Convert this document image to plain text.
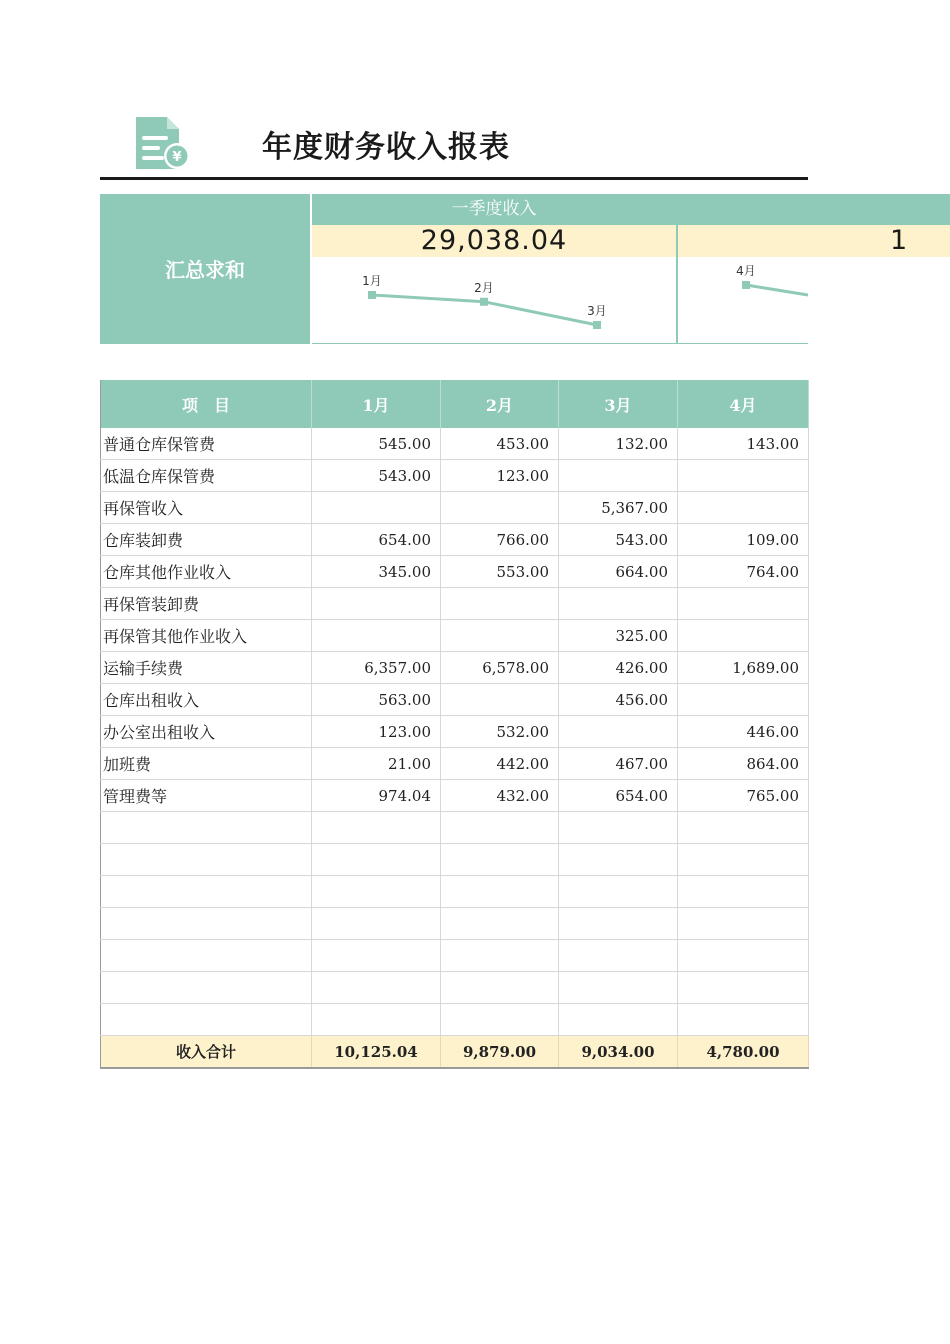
¥	年度财务收入报表
汇总求和
一季度收入
29,038.04
1月	2月
3月
1
4月
项　目	1月	2月	3月	4月
普通仓库保管费	545.00	453.00	132.00	143.00
低温仓库保管费	543.00	123.00		
再保管收入			5,367.00	
仓库装卸费	654.00	766.00	543.00	109.00
仓库其他作业收入	345.00	553.00	664.00	764.00
再保管装卸费				
再保管其他作业收入			325.00	
运输手续费	6,357.00	6,578.00	426.00	1,689.00
仓库出租收入	563.00		456.00	
办公室出租收入	123.00	532.00		446.00
加班费	21.00	442.00	467.00	864.00
管理费等	974.04	432.00	654.00	765.00

收入合计	10,125.04	9,879.00	9,034.00	4,780.00
